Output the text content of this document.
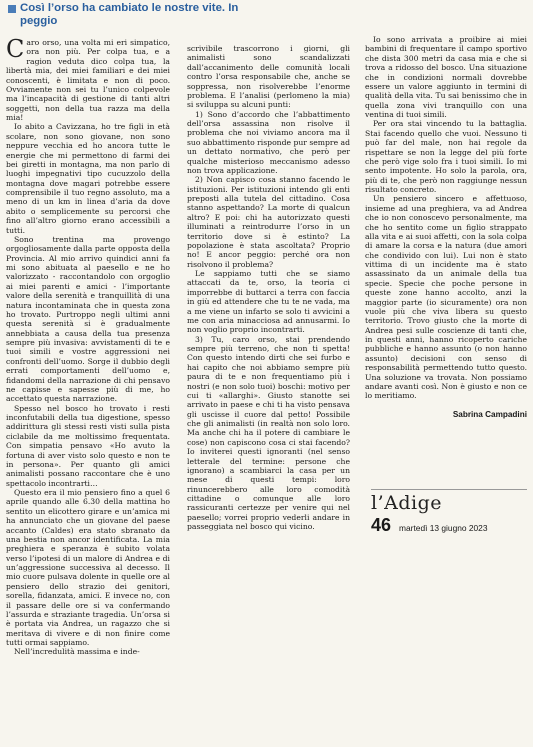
Così l’orso ha cambiato le nostre vite. In peggio

Caro orso, una volta mi eri simpatico, ora non più. Per colpa tua, e a ragion veduta dico colpa tua, la libertà mia, dei miei familiari e dei miei conoscenti, è limitata e non di poco. Ovviamente non sei tu l’unico colpevole ma l’incapacità di gestione di tanti altri soggetti, non della tua razza ma della mia!

Io abito a Cavizzana, ho tre figli in età scolare, non sono giovane, non sono neppure vecchia ed ho ancora tutte le energie che mi permettono di farmi dei bei giretti in montagna, ma non parlo di luoghi impegnativi tipo cucuzzolo della montagna dove magari potrebbe essere comprensibile il tuo regno assoluto, ma a meno di un km in linea d’aria da dove abito o semplicemente su percorsi che fino all’altro giorno erano accessibili a tutti.

Sono trentina ma provengo orgogliosamente dalla parte opposta della Provincia. Al mio arrivo quindici anni fa mi sono abituata al paesello e ne ho valorizzato - raccontandolo con orgoglio ai miei parenti e amici - l’importante valore della serenità e tranquillità di una natura incontaminata che in questa zona ho trovato. Purtroppo negli ultimi anni questa serenità si è gradualmente annebbiata a causa della tua presenza sempre più invasiva: avvistamenti di te e tuoi simili e vostre aggressioni nei confronti dell’uomo. Sorge il dubbio degli errati comportamenti dell’uomo e, fidandomi della narrazione di chi pensavo ne capisse e sapesse più di me, ho accettato questa narrazione.

Spesso nel bosco ho trovato i resti inconfutabili della tua digestione, spesso addirittura gli stessi resti visti sulla pista ciclabile da me moltissimo frequentata. Con simpatia pensavo «Ho avuto la fortuna di aver visto solo questo e non te in persona». Per quanto gli amici animalisti possano raccontare che è uno spettacolo incontrarti…

Questo era il mio pensiero fino a quel 6 aprile quando alle 6.30 della mattina ho sentito un elicottero girare e un’amica mi ha annunciato che un giovane del paese accanto (Caldes) era stato sbranato da una bestia non ancor identificata. La mia preghiera e speranza è subito volata verso l’ipotesi di un malore di Andrea e di un’aggressione successiva al decesso. Il mio cuore pulsava dolente in quelle ore al pensiero dello strazio dei genitori, sorella, fidanzata, amici. E invece no, con il passare delle ore si va confermando l’assurda e straziante tragedia. Un’orsa si è portata via Andrea, un ragazzo che si meritava di vivere e di non finire come tutti ormai sappiamo.

Nell’incredulità massima e inde-

scrivibile trascorrono i giorni, gli animalisti sono scandalizzati dall’accanimento delle comunità locali contro l’orsa responsabile che, anche se soppressa, non risolverebbe l’enorme problema. E l’analisi (perlomeno la mia) si sviluppa su alcuni punti:

1) Sono d’accordo che l’abbattimento dell’orsa assassina non risolve il problema che noi viviamo ancora ma il suo abbattimento risponde pur sempre ad un dettato normativo, che però per qualche misterioso meccanismo adesso non trova applicazione.

2) Non capisco cosa stanno facendo le istituzioni. Per istituzioni intendo gli enti preposti alla tutela del cittadino. Cosa stanno aspettando? La morte di qualcun altro? E poi: chi ha autorizzato questi illuminati a reintrodurre l’orso in un territorio dove si è estinto? La popolazione è stata ascoltata? Proprio no! E ancor peggio: perché ora non risolvono il problema?

Le sappiamo tutti che se siamo attaccati da te, orso, la teoria ci imporrebbe di buttarci a terra con faccia in giù ed attendere che tu te ne vada, ma a me viene un infarto se solo ti avvicini a me con aria minacciosa ad annusarmi. Io non voglio proprio incontrarti.

3) Tu, caro orso, stai prendendo sempre più terreno, che non ti spetta! Con questo intendo dirti che sei furbo e hai capito che noi abbiamo sempre più paura di te e non frequentiamo più i nostri (e non solo tuoi) boschi: motivo per cui ti «allarghi». Giusto stanotte sei arrivato in paese e chi ti ha visto pensava gli uscisse il cuore dal petto! Possibile che gli animalisti (in realtà non solo loro. Ma anche chi ha il potere di cambiare le cose) non capiscono cosa ci stai facendo? Io inviterei questi ignoranti (nel senso letterale del termine: persone che ignorano) a scambiarci la casa per un mese di questi tempi: loro rinuncerebbero alle loro comodità cittadine o comunque alle loro rassicuranti certezze per venire qui nel paesello; vorrei proprio vederli andare in passeggiata nel bosco qui vicino.

Io sono arrivata a proibire ai miei bambini di frequentare il campo sportivo che dista 300 metri da casa mia e che si trova a ridosso del bosco. Una situazione che in condizioni normali dovrebbe essere un valore aggiunto in termini di qualità della vita. Tu sai benissimo che in quella zona vivi tranquillo con una ventina di tuoi simili.

Per ora stai vincendo tu la battaglia. Stai facendo quello che vuoi. Nessuno ti può far del male, non hai regole da rispettare se non la legge del più forte che però vige solo fra i tuoi simili. Io mi sento impotente. Ho solo la parola, ora, più di te, che però non raggiunge nessun risultato concreto.

Un pensiero sincero e affettuoso, insieme ad una preghiera, va ad Andrea che io non conoscevo personalmente, ma che ho sentito come un figlio strappato alla vita e ai suoi affetti, con la sola colpa di amare la corsa e la natura (due amori che condivido con lui). Lui non è stato vittima di un incidente ma è stato assassinato da un animale della tua specie. Specie che poche persone in queste zone hanno accolto, anzi la maggior parte (io sicuramente) ora non vuole più che viva libera su questo territorio. Trovo giusto che la morte di Andrea pesi sulle coscienze di tanti che, in questi anni, hanno ricoperto cariche pubbliche e hanno assunto (o non hanno assunto) decisioni con senso di responsabilità permettendo tutto questo. Una soluzione va trovata. Non possiamo andare avanti così. Non è giusto e non ce lo meritiamo.

Sabrina Campadini
l’Adige
46 martedì 13 giugno 2023
